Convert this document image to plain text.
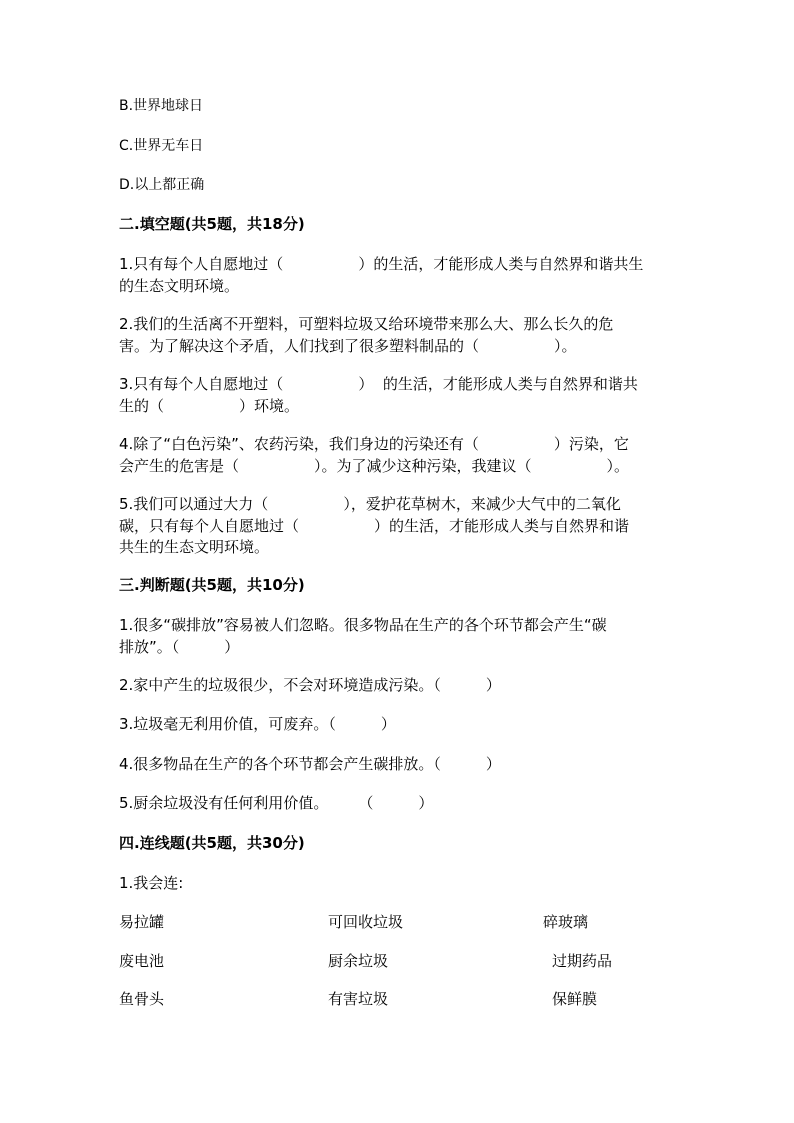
B.世界地球日
C.世界无车日
D.以上都正确
二.填空题(共5题，共18分)
1.只有每个人自愿地过（　　　　　）的生活，才能形成人类与自然界和谐共生
的生态文明环境。
2.我们的生活离不开塑料，可塑料垃圾又给环境带来那么大、那么长久的危
害。为了解决这个矛盾，人们找到了很多塑料制品的（　　　　　）。
3.只有每个人自愿地过（　　　　　）  的生活，才能形成人类与自然界和谐共
生的（　　　　　）环境。
4.除了“白色污染”、农药污染，我们身边的污染还有（　　　　　）污染，它
会产生的危害是（　　　　　）。为了减少这种污染，我建议（　　　　　）。
5.我们可以通过大力（　　　　　），爱护花草树木，来减少大气中的二氧化
碳，只有每个人自愿地过（　　　　　）的生活，才能形成人类与自然界和谐
共生的生态文明环境。
三.判断题(共5题，共10分)
1.很多“碳排放”容易被人们忽略。很多物品在生产的各个环节都会产生“碳
排放”。（　　　）
2.家中产生的垃圾很少，不会对环境造成污染。（　　　）
3.垃圾毫无利用价值，可废弃。（　　　）
4.很多物品在生产的各个环节都会产生碳排放。（　　　）
5.厨余垃圾没有任何利用价值。　　　（　　　）
四.连线题(共5题，共30分)
1.我会连:
易拉罐	可回收垃圾	碎玻璃
废电池	厨余垃圾	过期药品
鱼骨头	有害垃圾	保鲜膜
